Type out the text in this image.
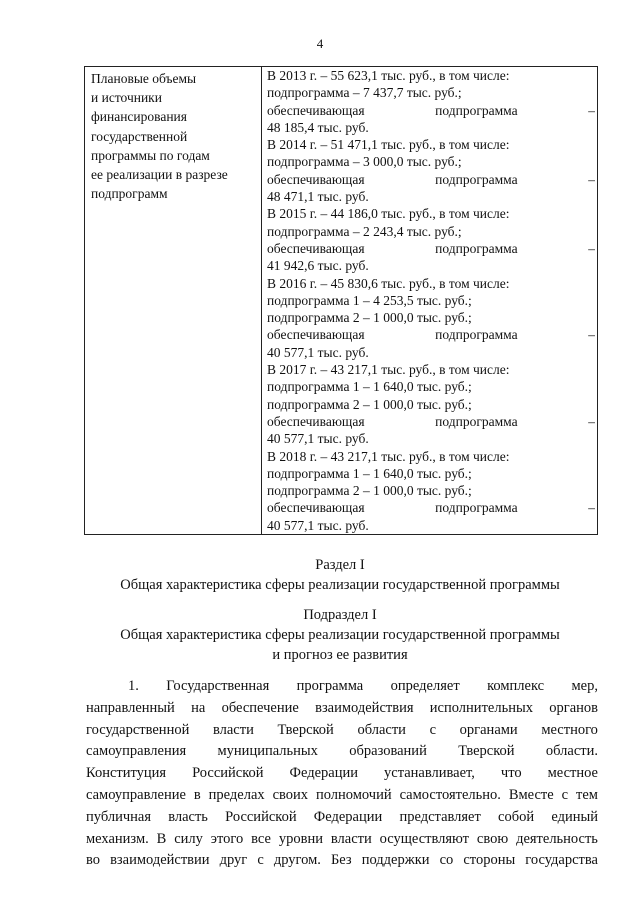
4
Плановые объемы
и источники
финансирования
государственной
программы по годам
ее реализации в разрезе
подпрограмм

В 2013 г. – 55 623,1 тыс. руб., в том числе:
подпрограмма – 7 437,7 тыс. руб.;
обеспечивающая	подпрограмма	–
48 185,4 тыс. руб.
В 2014 г. – 51 471,1 тыс. руб., в том числе:
подпрограмма – 3 000,0 тыс. руб.;
обеспечивающая	подпрограмма	–
48 471,1 тыс. руб.
В 2015 г. – 44 186,0 тыс. руб., в том числе:
подпрограмма – 2 243,4 тыс. руб.;
обеспечивающая	подпрограмма	–
41 942,6 тыс. руб.
В 2016 г. – 45 830,6 тыс. руб., в том числе:
подпрограмма 1 – 4 253,5 тыс. руб.;
подпрограмма 2 – 1 000,0 тыс. руб.;
обеспечивающая	подпрограмма	–
40 577,1 тыс. руб.
В 2017 г. – 43 217,1 тыс. руб., в том числе:
подпрограмма 1 – 1 640,0 тыс. руб.;
подпрограмма 2 – 1 000,0 тыс. руб.;
обеспечивающая	подпрограмма	–
40 577,1 тыс. руб.
В 2018 г. – 43 217,1 тыс. руб., в том числе:
подпрограмма 1 – 1 640,0 тыс. руб.;
подпрограмма 2 – 1 000,0 тыс. руб.;
обеспечивающая	подпрограмма	–
40 577,1 тыс. руб.
Раздел I
Общая характеристика сферы реализации государственной программы
Подраздел I
Общая характеристика сферы реализации государственной программы
и прогноз ее развития
1. Государственная программа определяет комплекс мер,
направленный на обеспечение взаимодействия исполнительных органов
государственной власти Тверской области с органами местного
самоуправления муниципальных образований Тверской области.
Конституция Российской Федерации устанавливает, что местное
самоуправление в пределах своих полномочий самостоятельно. Вместе с тем
публичная власть Российской Федерации представляет собой единый
механизм. В силу этого все уровни власти осуществляют свою деятельность
во взаимодействии друг с другом. Без поддержки со стороны государства
